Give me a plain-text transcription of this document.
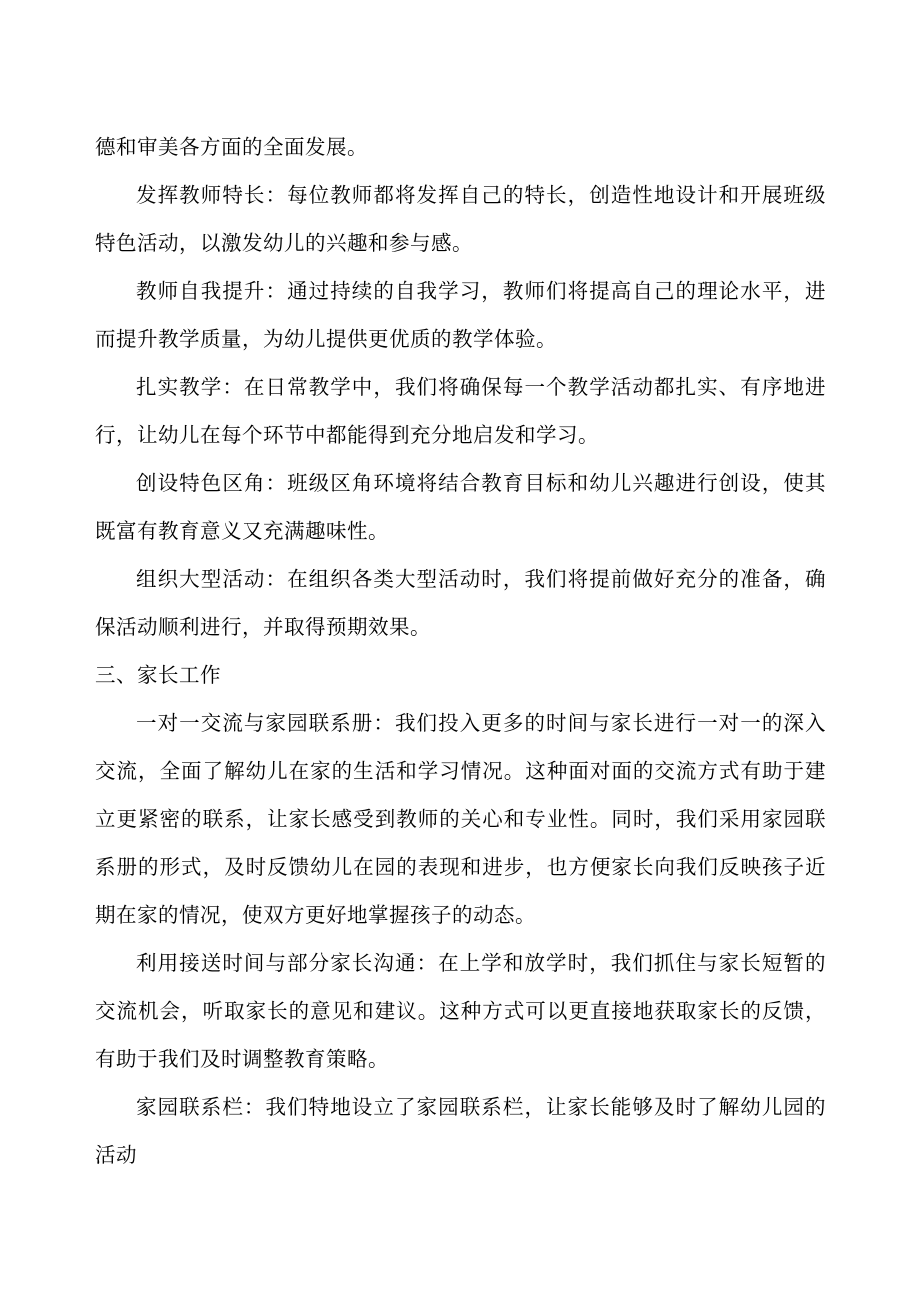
德和审美各方面的全面发展。

发挥教师特长：每位教师都将发挥自己的特长，创造性地设计和开展班级特色活动，以激发幼儿的兴趣和参与感。

教师自我提升：通过持续的自我学习，教师们将提高自己的理论水平，进而提升教学质量，为幼儿提供更优质的教学体验。

扎实教学：在日常教学中，我们将确保每一个教学活动都扎实、有序地进行，让幼儿在每个环节中都能得到充分地启发和学习。

创设特色区角：班级区角环境将结合教育目标和幼儿兴趣进行创设，使其既富有教育意义又充满趣味性。

组织大型活动：在组织各类大型活动时，我们将提前做好充分的准备，确保活动顺利进行，并取得预期效果。

三、家长工作

一对一交流与家园联系册：我们投入更多的时间与家长进行一对一的深入交流，全面了解幼儿在家的生活和学习情况。这种面对面的交流方式有助于建立更紧密的联系，让家长感受到教师的关心和专业性。同时，我们采用家园联系册的形式，及时反馈幼儿在园的表现和进步，也方便家长向我们反映孩子近期在家的情况，使双方更好地掌握孩子的动态。

利用接送时间与部分家长沟通：在上学和放学时，我们抓住与家长短暂的交流机会，听取家长的意见和建议。这种方式可以更直接地获取家长的反馈，有助于我们及时调整教育策略。

家园联系栏：我们特地设立了家园联系栏，让家长能够及时了解幼儿园的活动
